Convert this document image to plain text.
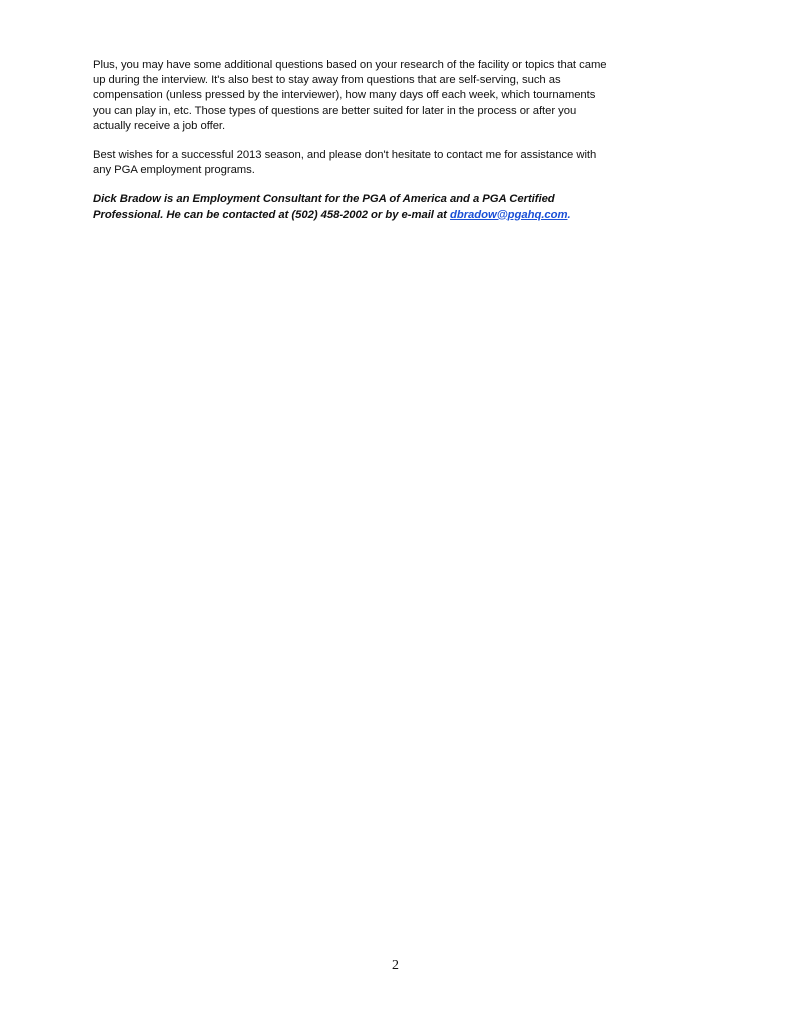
Plus, you may have some additional questions based on your research of the facility or topics that came
up during the interview. It's also best to stay away from questions that are self-serving, such as
compensation (unless pressed by the interviewer), how many days off each week, which tournaments
you can play in, etc. Those types of questions are better suited for later in the process or after you
actually receive a job offer.

Best wishes for a successful 2013 season, and please don't hesitate to contact me for assistance with
any PGA employment programs.

Dick Bradow is an Employment Consultant for the PGA of America and a PGA Certified
Professional. He can be contacted at (502) 458-2002 or by e-mail at dbradow@pgahq.com.

2
